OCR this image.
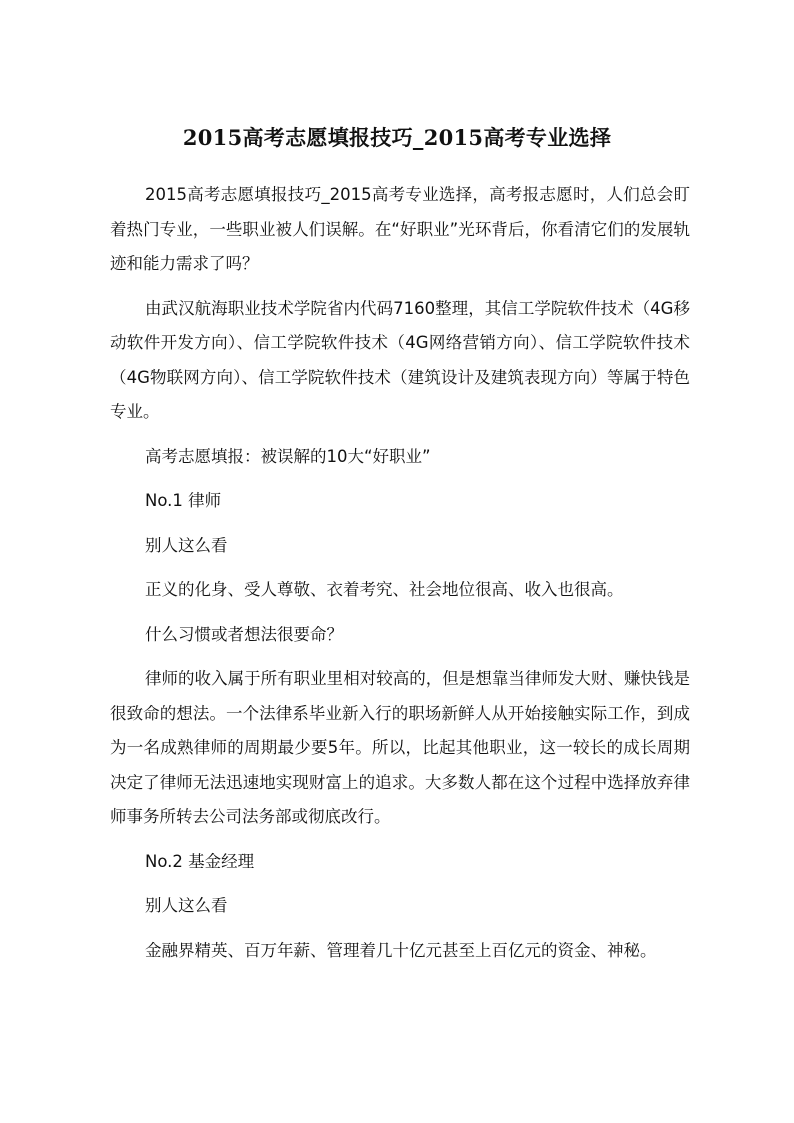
2015高考志愿填报技巧_2015高考专业选择

2015高考志愿填报技巧_2015高考专业选择，高考报志愿时，人们总会盯着热门专业，一些职业被人们误解。在“好职业”光环背后，你看清它们的发展轨迹和能力需求了吗？

由武汉航海职业技术学院省内代码7160整理，其信工学院软件技术（4G移动软件开发方向）、信工学院软件技术（4G网络营销方向）、信工学院软件技术（4G物联网方向）、信工学院软件技术（建筑设计及建筑表现方向）等属于特色专业。

高考志愿填报：被误解的10大“好职业”

No.1 律师

别人这么看

正义的化身、受人尊敬、衣着考究、社会地位很高、收入也很高。

什么习惯或者想法很要命？

律师的收入属于所有职业里相对较高的，但是想靠当律师发大财、赚快钱是很致命的想法。一个法律系毕业新入行的职场新鲜人从开始接触实际工作，到成为一名成熟律师的周期最少要5年。所以，比起其他职业，这一较长的成长周期决定了律师无法迅速地实现财富上的追求。大多数人都在这个过程中选择放弃律师事务所转去公司法务部或彻底改行。

No.2 基金经理

别人这么看

金融界精英、百万年薪、管理着几十亿元甚至上百亿元的资金、神秘。
